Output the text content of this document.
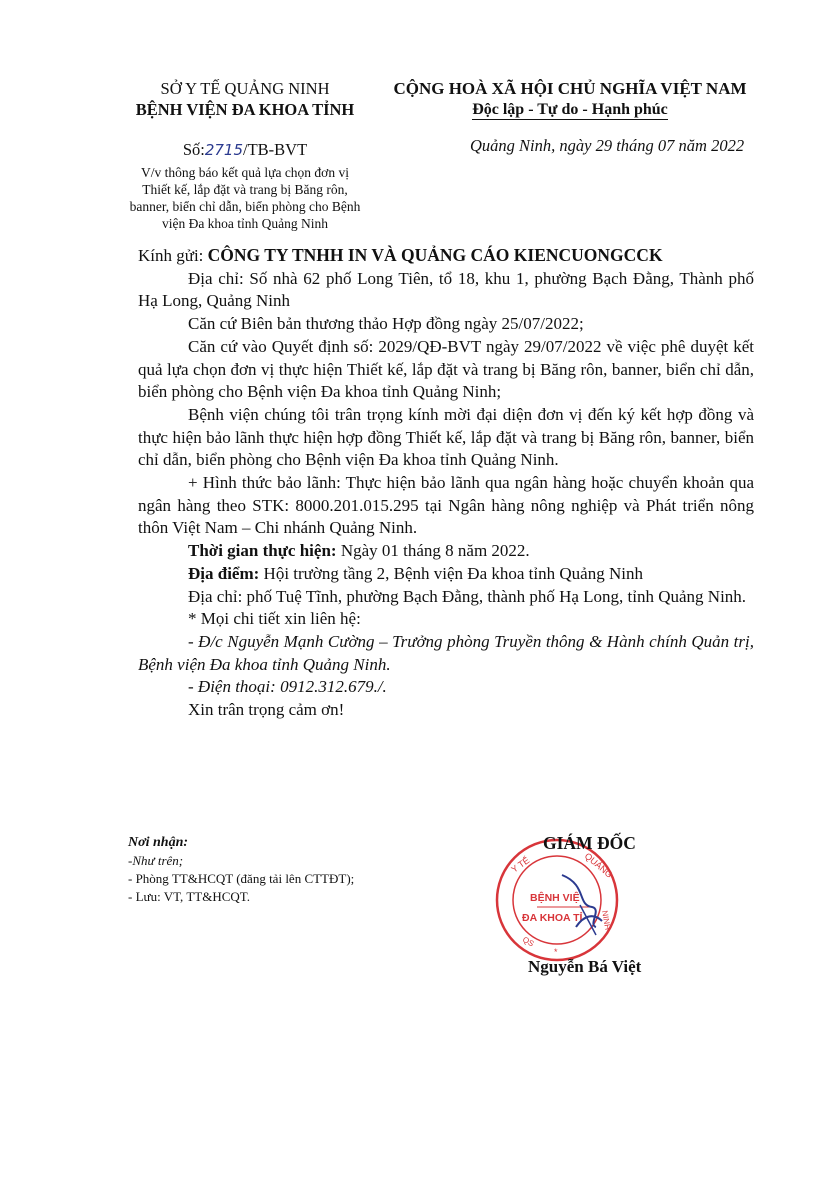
SỞ Y TẾ QUẢNG NINH
BỆNH VIỆN ĐA KHOA TỈNH
Số:2715/TB-BVT
V/v thông báo kết quả lựa chọn đơn vị
Thiết kế, lắp đặt và trang bị Băng rôn,
banner, biển chỉ dẫn, biển phòng cho Bệnh
viện Đa khoa tỉnh Quảng Ninh
CỘNG HOÀ XÃ HỘI CHỦ NGHĨA VIỆT NAM
Độc lập - Tự do - Hạnh phúc
Quảng Ninh, ngày 29 tháng 07 năm 2022

Kính gửi: CÔNG TY TNHH IN VÀ QUẢNG CÁO KIENCUONGCCK

Địa chỉ: Số nhà 62 phố Long Tiên, tổ 18, khu 1, phường Bạch Đằng, Thành phố Hạ Long, Quảng Ninh

Căn cứ Biên bản thương thảo Hợp đồng ngày 25/07/2022;

Căn cứ vào Quyết định số: 2029/QĐ-BVT ngày 29/07/2022 về việc phê duyệt kết quả lựa chọn đơn vị thực hiện Thiết kế, lắp đặt và trang bị Băng rôn, banner, biển chỉ dẫn, biển phòng cho Bệnh viện Đa khoa tỉnh Quảng Ninh;

Bệnh viện chúng tôi trân trọng kính mời đại diện đơn vị đến ký kết hợp đồng và thực hiện bảo lãnh thực hiện hợp đồng Thiết kế, lắp đặt và trang bị Băng rôn, banner, biển chỉ dẫn, biển phòng cho Bệnh viện Đa khoa tỉnh Quảng Ninh.

+ Hình thức bảo lãnh: Thực hiện bảo lãnh qua ngân hàng hoặc chuyển khoản qua ngân hàng theo STK: 8000.201.015.295 tại Ngân hàng nông nghiệp và Phát triển nông thôn Việt Nam – Chi nhánh Quảng Ninh.

Thời gian thực hiện: Ngày 01 tháng 8 năm 2022.

Địa điểm: Hội trường tầng 2, Bệnh viện Đa khoa tỉnh Quảng Ninh

Địa chỉ: phố Tuệ Tĩnh, phường Bạch Đằng, thành phố Hạ Long, tỉnh Quảng Ninh.

* Mọi chi tiết xin liên hệ:

- Đ/c Nguyễn Mạnh Cường – Trưởng phòng Truyền thông & Hành chính Quản trị, Bệnh viện Đa khoa tỉnh Quảng Ninh.

- Điện thoại: 0912.312.679./.

Xin trân trọng cảm ơn!

Nơi nhận:
-Như trên;
- Phòng TT&HCQT (đăng tải lên CTTĐT);
- Lưu: VT, TT&HCQT.
Y TẾ	QUẢNG
NINH
QS
*
BỆNH VIỆ
ĐA KHOA TỈ
GIÁM ĐỐC
Nguyễn Bá Việt
